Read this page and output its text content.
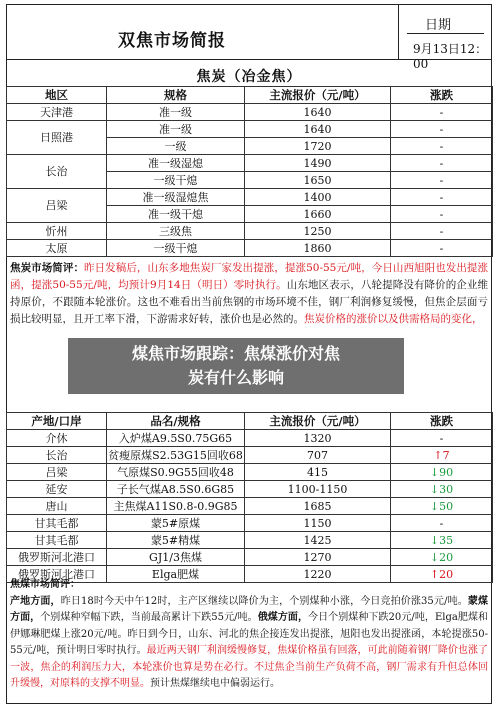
双焦市场简报
日期
9月13日12：00
焦炭（冶金焦）
地区	规格	主流报价（元/吨）	涨跌
天津港	准一级	1640	-
日照港	准一级	1640	-
	一级	1720	-
长治	准一级湿熄	1490	-
	一级干熄	1650	-
吕梁	准一级湿熄焦	1400	-
	准一级干熄	1660	-
忻州	三级焦	1250	-
太原	一级干熄	1860	-
焦炭市场简评：昨日发稿后，山东多地焦炭厂家发出提涨，提涨50-55元/吨，今日山西旭阳也发出提涨函，提涨50-55元/吨，均预计9月14日（明日）零时执行。山东地区表示，八轮提降没有降价的企业维持原价，不跟随本轮涨价。这也不难看出当前焦钢的市场环境不佳，钢厂利润修复缓慢，但焦企层面亏损比较明显，且开工率下滑，下游需求好转，涨价也是必然的。焦炭价格的涨价以及供需格局的变化，
产地/口岸	品名/规格	主流报价（元/吨）	涨跌
介休	入炉煤A9.5S0.75G65	1320	-
长治	贫瘦原煤S2.53G15回收68	707	↑7
吕梁	气原煤S0.9G55回收48	415	↓90
延安	子长气煤A8.5S0.6G85	1100-1150	↓30
唐山	主焦煤A11S0.8-0.9G85	1685	↓50
甘其毛都	蒙5#原煤	1150	-
甘其毛都	蒙5#精煤	1425	↓35
俄罗斯河北港口	GJ1/3焦煤	1270	↓20
俄罗斯河北港口	Elga肥煤	1220	↑20
焦煤市场简评：
产地方面，昨日18时今天中午12时，主产区继续以降价为主，个别煤种小涨，今日竞拍价涨35元/吨。蒙煤方面，个别煤种窄幅下跌，当前最高累计下跌55元/吨。俄煤方面，今日个别煤种下跌20元/吨，Elga肥煤和伊娜琳肥煤上涨20元/吨。昨日到今日，山东、河北的焦企接连发出提涨，旭阳也发出提涨函，本轮提涨50-55元/吨，预计明日零时执行。最近两天钢厂利润缓慢修复，焦煤价格虽有回落，可此前随着钢厂降价也涨了一波，焦企的利润压力大，本轮涨价也算是势在必行。不过焦企当前生产负荷不高，钢厂需求有升但总体回升缓慢，对原料的支撑不明显。预计焦煤继续电中偏弱运行。
煤焦市场跟踪：焦煤涨价对焦
炭有什么影响
